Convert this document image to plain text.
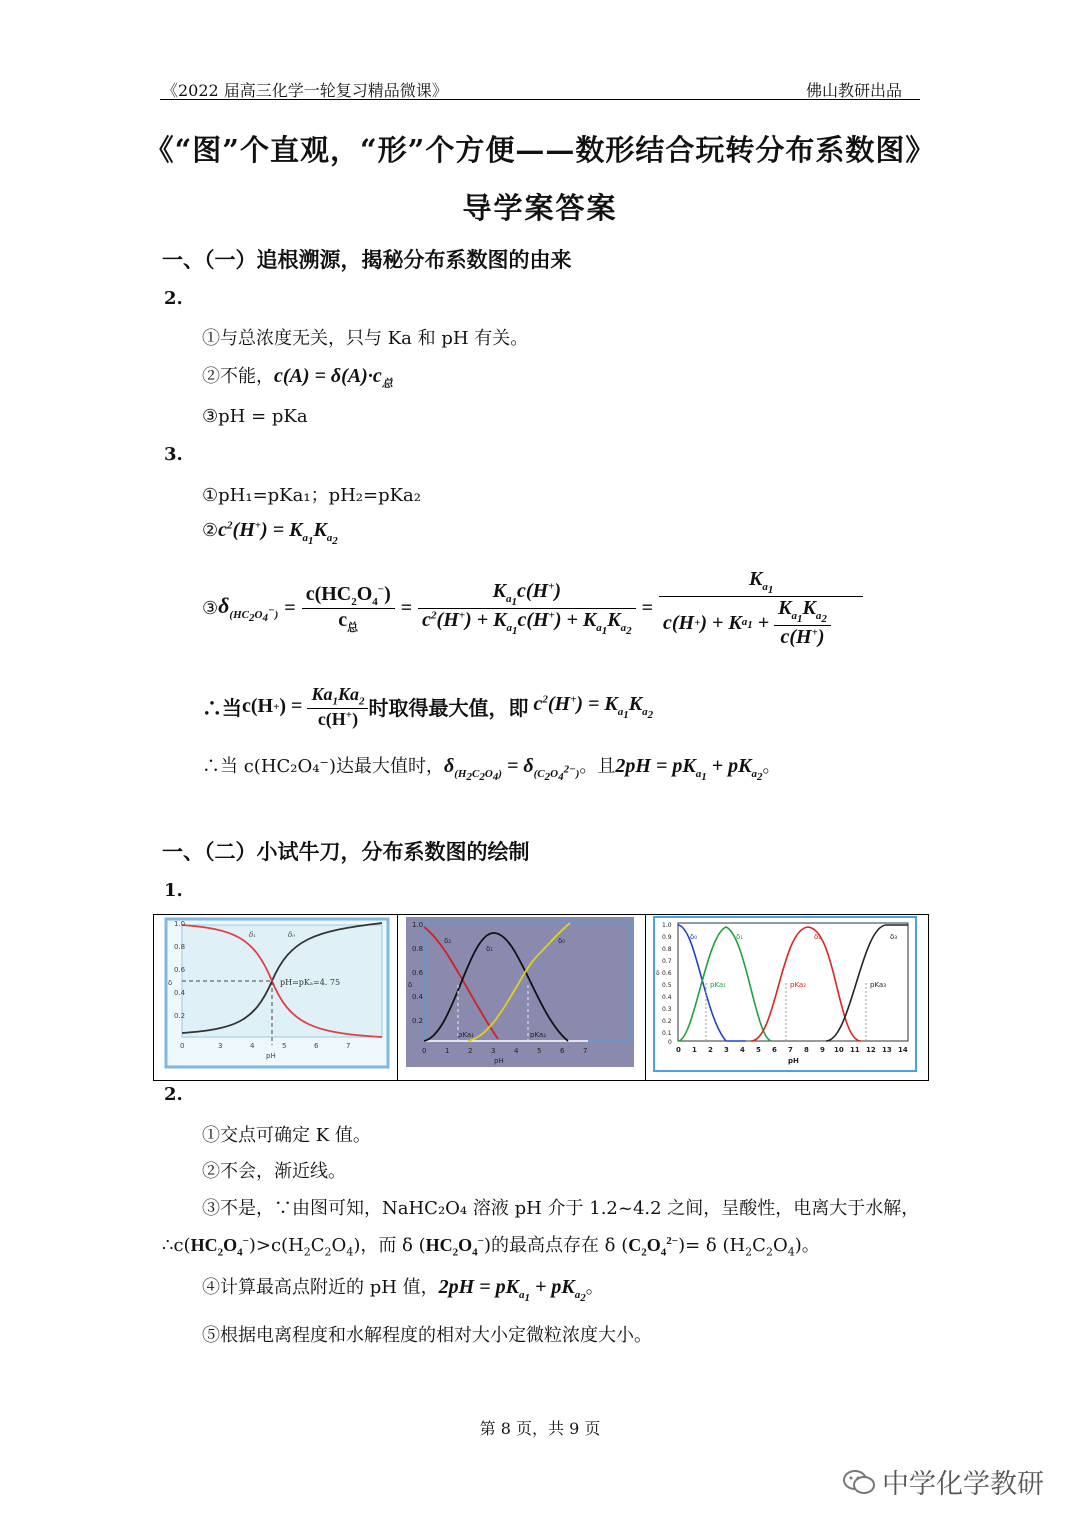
《2022 届高三化学一轮复习精品微课》	佛山教研出品
《“图”个直观，“形”个方便——数形结合玩转分布系数图》
导学案答案
一、（一）追根溯源，揭秘分布系数图的由来
2.
①与总浓度无关，只与 Ka 和 pH 有关。
②不能，$c(A) = \delta(A)\cdot c_总$
③pH = pKa
3.
①pH₁=pKa₁；pH₂=pKa₂
$②c^2(H^+) = K_{a_1}K_{a_2}$
③ $\delta_{(HC_2O_4^-)} = \frac{c(HC_2O_4^-)}{c_总} = \frac{K_{a_1}c(H^+)}{c^2(H^+) + K_{a_1}c(H^+) + K_{a_1}K_{a_2}} = \frac{K_{a_1}}{c(H + ) + K a_1 + \frac{K_{a_1}K_{a_2}}{c(H^+)}}$
∴当 c(H + ) = $\frac{Ka_1Ka_2}{c(H^+)}$ 时取得最大值，即 $c^2(H^+) = K_{a_1}K_{a_2}$
∴当 c(HC₂O₄⁻)达最大值时，$\delta_{(H_2C_2O_4)} = \delta_{(C_2O_4^{2-})}$。且$2pH = pK_{a_1} + pK_{a_2}$。
一、（二）小试牛刀，分布系数图的绘制
1.
pH=pKₐ=4. 75
δ₁	δ₀
1.0
0.8
0.6
0.4
0.2
δ
0	3	4	5	6	7
pH
δ₂
δ₁
δ₀
pKa₁	pKa₂
1.0
0.8
0.6
0.4
0.2
δ
0	1	2	3	4	5	6	7
pH
δ₀	δ₁	δ₂	δ₃
pKa₁	pKa₂	pKa₃
1.0
0.9
0.8
0.7
0.6
0.5
0.4
0.3
0.2
0.1
0
δ
0 1 2 3 4 5 6 7 8 9 10 11 12 13 14
pH
2.
①交点可确定 K 值。
②不会，渐近线。
③不是，∵由图可知，NaHC₂O₄ 溶液 pH 介于 1.2~4.2 之间，呈酸性，电离大于水解，
$\therefore c(HC_2O_4^-)>c(H_2C_2O_4)$，而 δ $(HC_2O_4^-)$的最高点存在 δ $(C_2O_4^{2-})= \delta$ $(H_2C_2O_4)$。
④计算最高点附近的 pH 值，$2pH = pK_{a_1} + pK_{a_2}$。
⑤根据电离程度和水解程度的相对大小定微粒浓度大小。
第 8 页，共 9 页
中学化学教研
